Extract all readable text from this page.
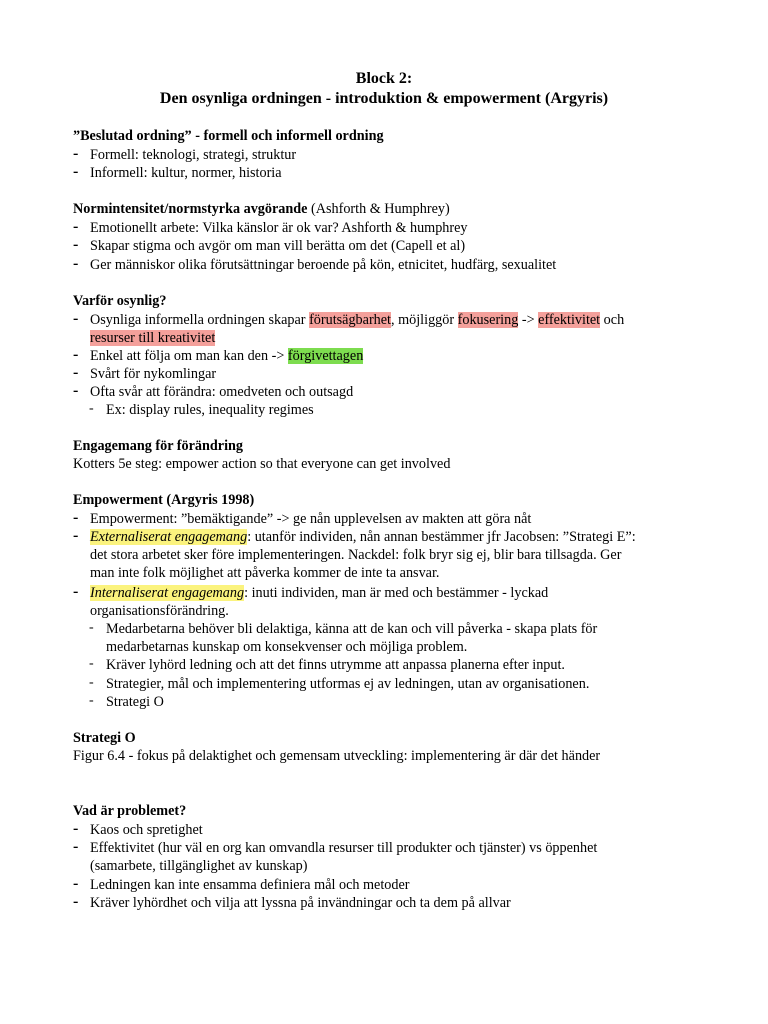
Block 2:
Den osynliga ordningen - introduktion & empowerment (Argyris)
”Beslutad ordning” - formell och informell ordning
- Formell: teknologi, strategi, struktur
- Informell: kultur, normer, historia
Normintensitet/normstyrka avgörande (Ashforth & Humphrey)
- Emotionellt arbete: Vilka känslor är ok var? Ashforth & humphrey
- Skapar stigma och avgör om man vill berätta om det (Capell et al)
- Ger människor olika förutsättningar beroende på kön, etnicitet, hudfärg, sexualitet
Varför osynlig?
- Osynliga informella ordningen skapar förutsägbarhet, möjliggör fokusering -> effektivitet och
resurser till kreativitet
- Enkel att följa om man kan den -> förgivettagen
- Svårt för nykomlingar
- Ofta svår att förändra: omedveten och outsagd
- Ex: display rules, inequality regimes
Engagemang för förändring
Kotters 5e steg: empower action so that everyone can get involved
Empowerment (Argyris 1998)
- Empowerment: ”bemäktigande” -> ge nån upplevelsen av makten att göra nåt
- Externaliserat engagemang: utanför individen, nån annan bestämmer jfr Jacobsen: ”Strategi E”:
det stora arbetet sker före implementeringen. Nackdel: folk bryr sig ej, blir bara tillsagda. Ger
man inte folk möjlighet att påverka kommer de inte ta ansvar.
- Internaliserat engagemang: inuti individen, man är med och bestämmer - lyckad
organisationsförändring.
- Medarbetarna behöver bli delaktiga, känna att de kan och vill påverka - skapa plats för
medarbetarnas kunskap om konsekvenser och möjliga problem.
- Kräver lyhörd ledning och att det finns utrymme att anpassa planerna efter input.
- Strategier, mål och implementering utformas ej av ledningen, utan av organisationen.
- Strategi O
Strategi O
Figur 6.4 - fokus på delaktighet och gemensam utveckling: implementering är där det händer
Vad är problemet?
- Kaos och spretighet
- Effektivitet (hur väl en org kan omvandla resurser till produkter och tjänster) vs öppenhet
(samarbete, tillgänglighet av kunskap)
- Ledningen kan inte ensamma definiera mål och metoder
- Kräver lyhördhet och vilja att lyssna på invändningar och ta dem på allvar
